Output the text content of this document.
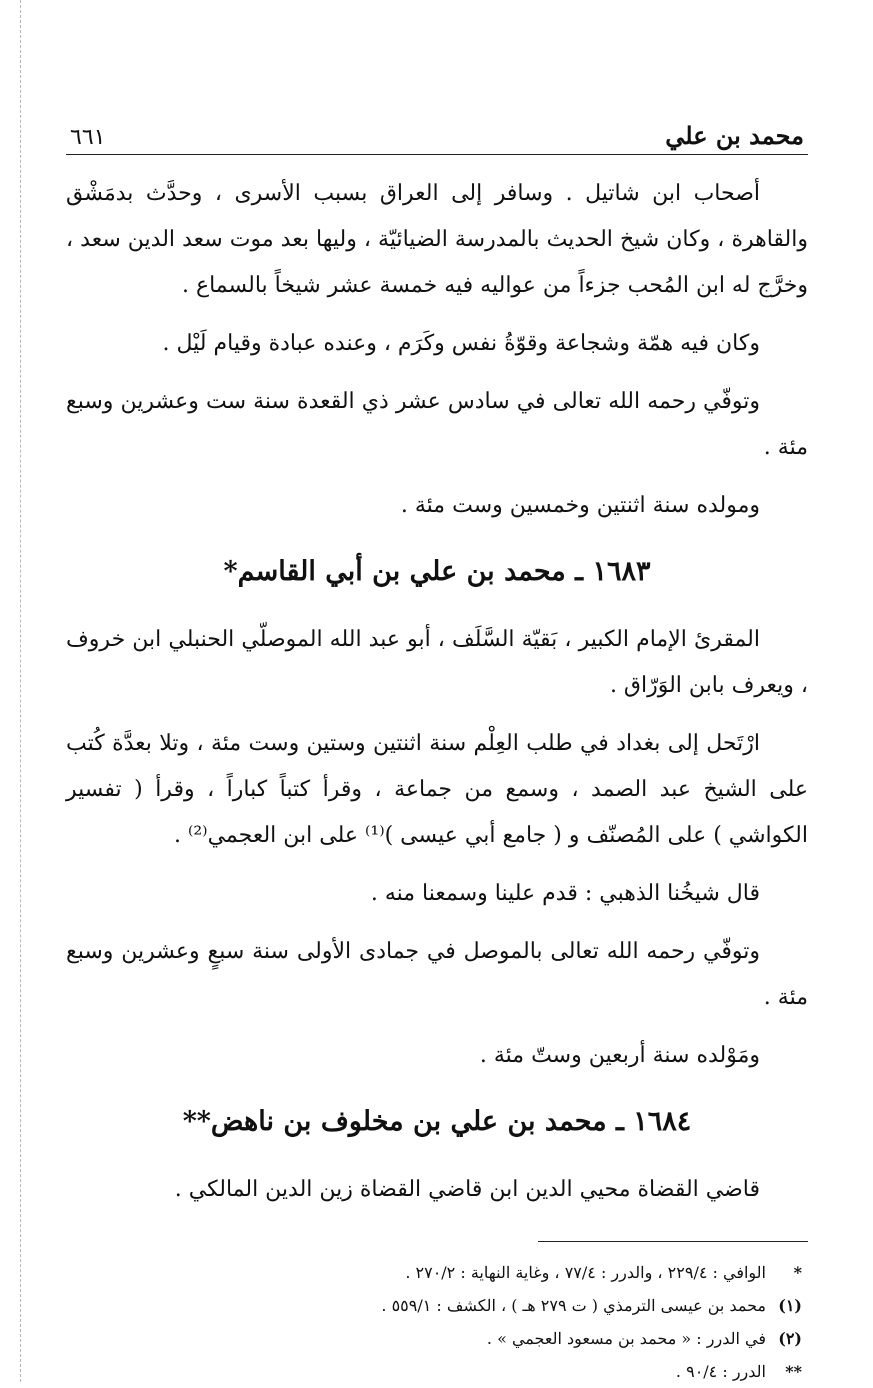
محمد بن علي
٦٦١

أصحاب ابن شاتيل . وسافر إلى العراق بسبب الأسرى ، وحدَّث بدمَشْق والقاهرة ، وكان شيخ الحديث بالمدرسة الضيائيّة ، وليها بعد موت سعد الدين سعد ، وخرَّج له ابن المُحب جزءاً من عواليه فيه خمسة عشر شيخاً بالسماع .

وكان فيه همّة وشجاعة وقوّةُ نفس وكَرَم ، وعنده عبادة وقيام لَيْل .

وتوفّي رحمه الله تعالى في سادس عشر ذي القعدة سنة ست وعشرين وسبع مئة .

ومولده سنة اثنتين وخمسين وست مئة .

١٦٨٣ ـ محمد بن علي بن أبي القاسم*

المقرئ الإمام الكبير ، بَقيّة السَّلَف ، أبو عبد الله الموصلّي الحنبلي ابن خروف ، ويعرف بابن الوَرّاق .

ارْتَحل إلى بغداد في طلب العِلْم سنة اثنتين وستين وست مئة ، وتلا بعدَّة كُتب على الشيخ عبد الصمد ، وسمع من جماعة ، وقرأ كتباً كباراً ، وقرأ ( تفسير الكواشي ) على المُصنّف و ( جامع أبي عيسى )⁽¹⁾ على ابن العجمي⁽²⁾ .

قال شيخُنا الذهبي : قدم علينا وسمعنا منه .

وتوفّي رحمه الله تعالى بالموصل في جمادى الأولى سنة سبعٍ وعشرين وسبع مئة .

ومَوْلده سنة أربعين وستّ مئة .

١٦٨٤ ـ محمد بن علي بن مخلوف بن ناهض**

قاضي القضاة محيي الدين ابن قاضي القضاة زين الدين المالكي .

*
الوافي : ٢٢٩/٤ ، والدرر : ٧٧/٤ ، وغاية النهاية : ٢٧٠/٢ .
(١)
محمد بن عيسى الترمذي ( ت ٢٧٩ هـ ) ، الكشف : ٥٥٩/١ .
(٢)
في الدرر : « محمد بن مسعود العجمي » .
**
الدرر : ٩٠/٤ .
